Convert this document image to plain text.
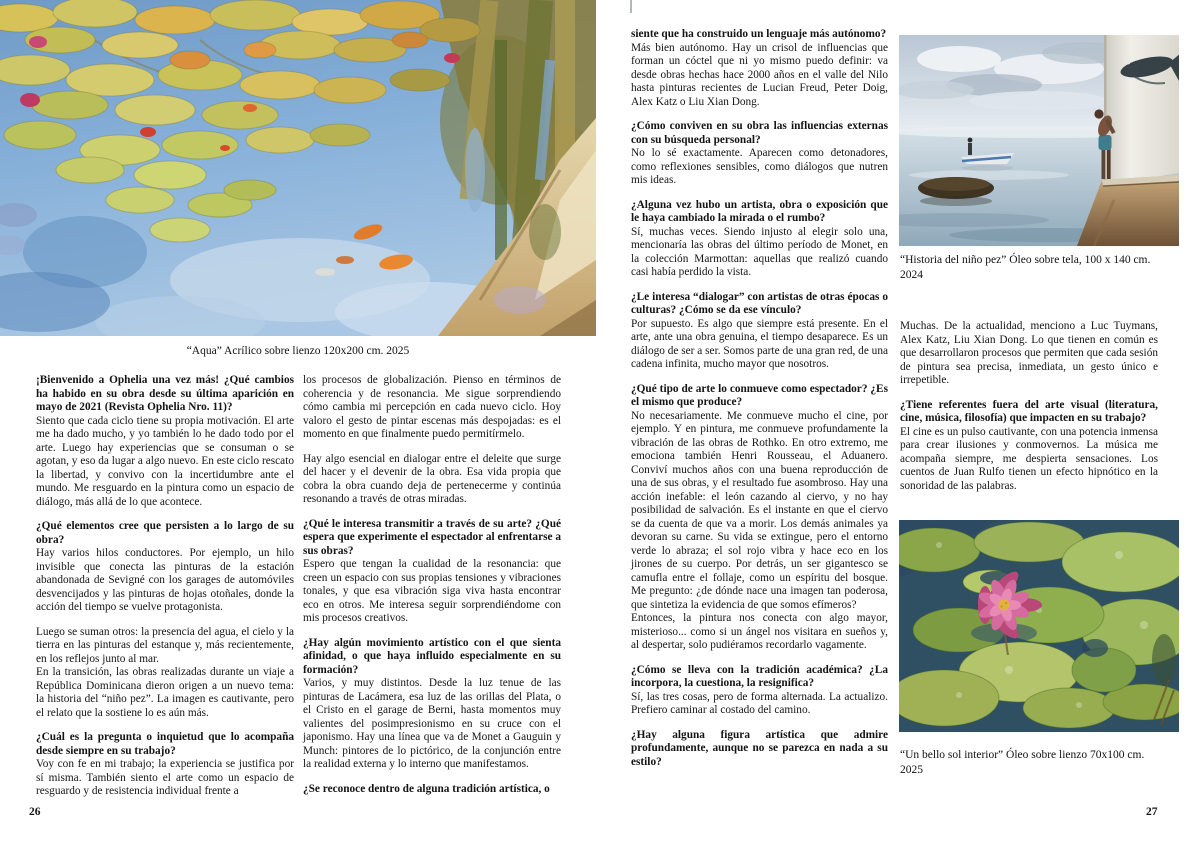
“Aqua” Acrílico sobre lienzo 120x200 cm. 2025

¡Bienvenido a Ophelia una vez más! ¿Qué cambios ha habido en su obra desde su última aparición en mayo de 2021 (Revista Ophelia Nro. 11)?

Siento que cada ciclo tiene su propia motivación. El arte me ha dado mucho, y yo también lo he dado todo por el arte. Luego hay experiencias que se consuman o se agotan, y eso da lugar a algo nuevo. En este ciclo rescato la libertad, y convivo con la incertidumbre ante el mundo. Me resguardo en la pintura como un espacio de diálogo, más allá de lo que acontece.

¿Qué elementos cree que persisten a lo largo de su obra?

Hay varios hilos conductores. Por ejemplo, un hilo invisible que conecta las pinturas de la estación abandonada de Sevigné con los garages de automóviles desvencijados y las pinturas de hojas otoñales, donde la acción del tiempo se vuelve protagonista.

Luego se suman otros: la presencia del agua, el cielo y la tierra en las pinturas del estanque y, más recientemente, en los reflejos junto al mar.

En la transición, las obras realizadas durante un viaje a República Dominicana dieron origen a un nuevo tema: la historia del “niño pez”. La imagen es cautivante, pero el relato que la sostiene lo es aún más.

¿Cuál es la pregunta o inquietud que lo acompaña desde siempre en su trabajo?

Voy con fe en mi trabajo; la experiencia se justifica por sí misma. También siento el arte como un espacio de resguardo y de resistencia individual frente a

los procesos de globalización. Pienso en términos de coherencia y de resonancia. Me sigue sorprendiendo cómo cambia mi percepción en cada nuevo ciclo. Hoy valoro el gesto de pintar escenas más despojadas: es el momento en que finalmente puedo permitírmelo.

Hay algo esencial en dialogar entre el deleite que surge del hacer y el devenir de la obra. Esa vida propia que cobra la obra cuando deja de pertenecerme y continúa resonando a través de otras miradas.

¿Qué le interesa transmitir a través de su arte? ¿Qué espera que experimente el espectador al enfrentarse a sus obras?

Espero que tengan la cualidad de la resonancia: que creen un espacio con sus propias tensiones y vibraciones tonales, y que esa vibración siga viva hasta encontrar eco en otros. Me interesa seguir sorprendiéndome con mis procesos creativos.

¿Hay algún movimiento artístico con el que sienta afinidad, o que haya influido especialmente en su formación?

Varios, y muy distintos. Desde la luz tenue de las pinturas de Lacámera, esa luz de las orillas del Plata, o el Cristo en el garage de Berni, hasta momentos muy valientes del posimpresionismo en su cruce con el japonismo. Hay una línea que va de Monet a Gauguin y Munch: pintores de lo pictórico, de la conjunción entre la realidad externa y lo interno que manifestamos.

¿Se reconoce dentro de alguna tradición artística, o

siente que ha construido un lenguaje más autónomo?

Más bien autónomo. Hay un crisol de influencias que forman un cóctel que ni yo mismo puedo definir: va desde obras hechas hace 2000 años en el valle del Nilo hasta pinturas recientes de Lucian Freud, Peter Doig, Alex Katz o Liu Xian Dong.

¿Cómo conviven en su obra las influencias externas con su búsqueda personal?

No lo sé exactamente. Aparecen como detonadores, como reflexiones sensibles, como diálogos que nutren mis ideas.

¿Alguna vez hubo un artista, obra o exposición que le haya cambiado la mirada o el rumbo?

Sí, muchas veces. Siendo injusto al elegir solo una, mencionaría las obras del último período de Monet, en la colección Marmottan: aquellas que realizó cuando casi había perdido la vista.

¿Le interesa “dialogar” con artistas de otras épocas o culturas? ¿Cómo se da ese vínculo?

Por supuesto. Es algo que siempre está presente. En el arte, ante una obra genuina, el tiempo desaparece. Es un diálogo de ser a ser. Somos parte de una gran red, de una cadena infinita, mucho mayor que nosotros.

¿Qué tipo de arte lo conmueve como espectador? ¿Es el mismo que produce?

No necesariamente. Me conmueve mucho el cine, por ejemplo. Y en pintura, me conmueve profundamente la vibración de las obras de Rothko. En otro extremo, me emociona también Henri Rousseau, el Aduanero. Conviví muchos años con una buena reproducción de una de sus obras, y el resultado fue asombroso. Hay una acción inefable: el león cazando al ciervo, y no hay posibilidad de salvación. Es el instante en que el ciervo se da cuenta de que va a morir. Los demás animales ya devoran su carne. Su vida se extingue, pero el entorno verde lo abraza; el sol rojo vibra y hace eco en los jirones de su cuerpo. Por detrás, un ser gigantesco se camufla entre el follaje, como un espíritu del bosque. Me pregunto: ¿de dónde nace una imagen tan poderosa, que sintetiza la evidencia de que somos efímeros?

Entonces, la pintura nos conecta con algo mayor, misterioso... como si un ángel nos visitara en sueños y, al despertar, solo pudiéramos recordarlo vagamente.

¿Cómo se lleva con la tradición académica? ¿La incorpora, la cuestiona, la resignifica?

Sí, las tres cosas, pero de forma alternada. La actualizo. Prefiero caminar al costado del camino.

¿Hay alguna figura artística que admire profundamente, aunque no se parezca en nada a su estilo?

“Historia del niño pez” Óleo sobre tela, 100 x 140 cm.
2024

Muchas. De la actualidad, menciono a Luc Tuymans, Alex Katz, Liu Xian Dong. Lo que tienen en común es que desarrollaron procesos que permiten que cada sesión de pintura sea precisa, inmediata, un gesto único e irrepetible.

¿Tiene referentes fuera del arte visual (literatura, cine, música, filosofía) que impacten en su trabajo?

El cine es un pulso cautivante, con una potencia inmensa para crear ilusiones y conmovernos. La música me acompaña siempre, me despierta sensaciones. Los cuentos de Juan Rulfo tienen un efecto hipnótico en la sonoridad de las palabras.

“Un bello sol interior” Óleo sobre lienzo 70x100 cm.
2025
26	27
